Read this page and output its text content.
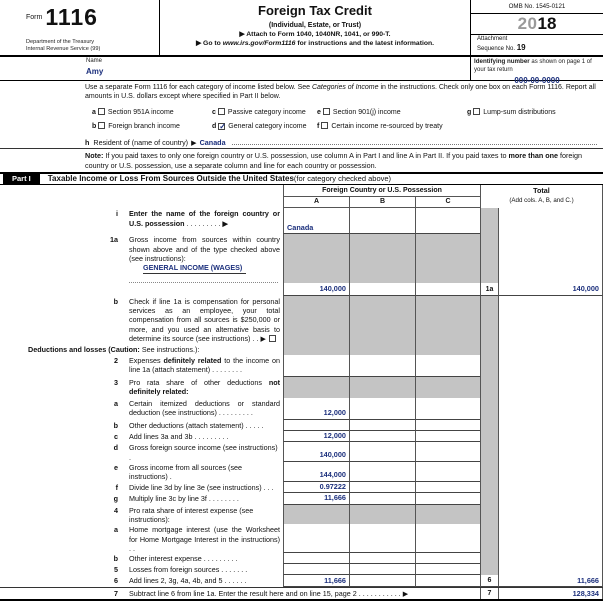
Form 1116
Department of the Treasury
Internal Revenue Service (99)
Foreign Tax Credit
(Individual, Estate, or Trust)
▶ Attach to Form 1040, 1040NR, 1041, or 990-T.
▶ Go to www.irs.gov/Form1116 for instructions and the latest information.
OMB No. 1545-0121
2018
Attachment
Sequence No. 19
Name
Amy
Identifying number as shown on page 1 of your tax return
000-00-0000
Use a separate Form 1116 for each category of income listed below. See Categories of Income in the instructions. Check only one box on each Form 1116. Report all amounts in U.S. dollars except where specified in Part II below.
a Section 951A income
b Foreign branch income
c Passive category income
d ✓ General category income
e Section 901(j) income
f Certain income re-sourced by treaty
g Lump-sum distributions
h Resident of (name of country) ▶ Canada
Note: If you paid taxes to only one foreign country or U.S. possession, use column A in Part I and line A in Part II. If you paid taxes to more than one foreign country or U.S. possession, use a separate column and line for each country or possession.
Part I	Taxable Income or Loss From Sources Outside the United States (for category checked above)
Foreign Country or U.S. Possession	Total
A	B	C	(Add cols. A, B, and C.)
i	Enter the name of the foreign country or U.S. possession . . . . . . . . . ▶	Canada
1a	Gross income from sources within country shown above and of the type checked above (see instructions):
GENERAL INCOME (WAGES)
140,000	1a	140,000
b	Check if line 1a is compensation for personal services as an employee, your total compensation from all sources is $250,000 or more, and you used an alternative basis to determine its source (see instructions) . . ▶
Deductions and losses (Caution: See instructions.):
2	Expenses definitely related to the income on line 1a (attach statement) . . . . . . . .
3	Pro rata share of other deductions not definitely related:
a	Certain itemized deductions or standard deduction (see instructions) . . . . . . . . .	12,000
b	Other deductions (attach statement) . . . . .
c	Add lines 3a and 3b . . . . . . . . .	12,000
d	Gross foreign source income (see instructions) .	140,000
e	Gross income from all sources (see instructions) .	144,000
f	Divide line 3d by line 3e (see instructions) . . .	0.97222
g	Multiply line 3c by line 3f . . . . . . . .	11,666
4	Pro rata share of interest expense (see instructions):
a	Home mortgage interest (use the Worksheet for Home Mortgage Interest in the instructions) . .
b	Other interest expense . . . . . . . . .
5	Losses from foreign sources . . . . . . .
6	Add lines 2, 3g, 4a, 4b, and 5 . . . . . .	11,666	6	11,666
7	Subtract line 6 from line 1a. Enter the result here and on line 15, page 2 . . . . . . . . . . . ▶	7	128,334
